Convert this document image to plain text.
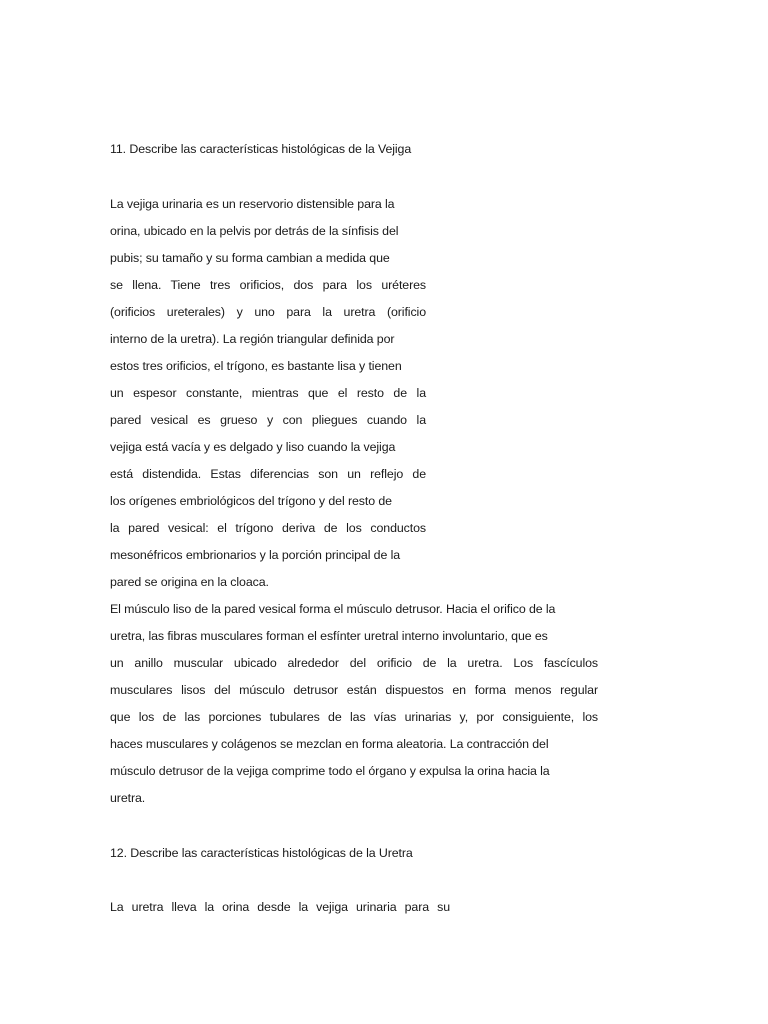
11. Describe las características histológicas de la Vejiga
La vejiga urinaria es un reservorio distensible para la
orina, ubicado en la pelvis por detrás de la sínfisis del
pubis; su tamaño y su forma cambian a medida que
se llena. Tiene tres orificios, dos para los uréteres
(orificios ureterales) y uno para la uretra (orificio
interno de la uretra). La región triangular definida por
estos tres orificios, el trígono, es bastante lisa y tienen
un espesor constante, mientras que el resto de la
pared vesical es grueso y con pliegues cuando la
vejiga está vacía y es delgado y liso cuando la vejiga
está distendida. Estas diferencias son un reflejo de
los orígenes embriológicos del trígono y del resto de
la pared vesical: el trígono deriva de los conductos
mesonéfricos embrionarios y la porción principal de la
pared se origina en la cloaca.
El músculo liso de la pared vesical forma el músculo detrusor. Hacia el orifico de la
uretra, las fibras musculares forman el esfínter uretral interno involuntario, que es
un anillo muscular ubicado alrededor del orificio de la uretra. Los fascículos
musculares lisos del músculo detrusor están dispuestos en forma menos regular
que los de las porciones tubulares de las vías urinarias y, por consiguiente, los
haces musculares y colágenos se mezclan en forma aleatoria. La contracción del
músculo detrusor de la vejiga comprime todo el órgano y expulsa la orina hacia la
uretra.
12. Describe las características histológicas de la Uretra
La uretra lleva la orina desde la vejiga urinaria para su
